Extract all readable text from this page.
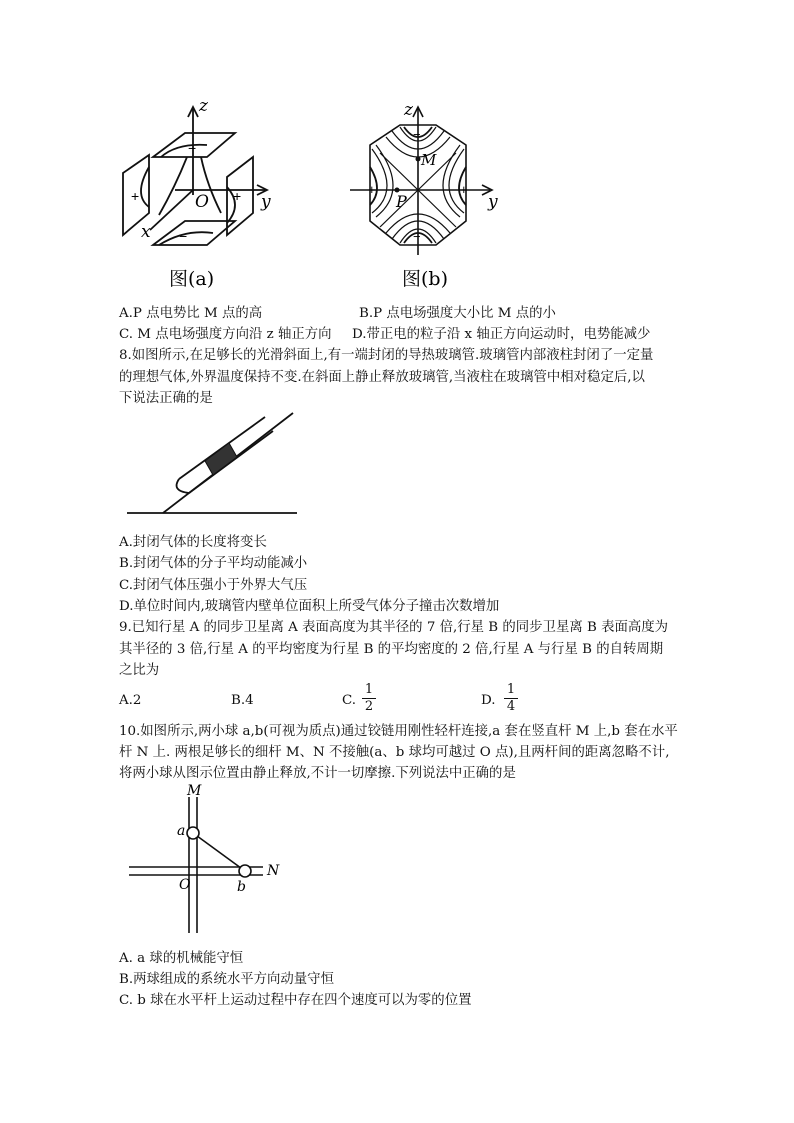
−
−
+	+
z
y
x
O
图(a)
−
−
+	+
M
P
z
y
图(b)
A.P 点电势比 M 点的高	B.P 点电场强度大小比 M 点的小
C. M 点电场强度方向沿 z 轴正方向 D.带正电的粒子沿 x 轴正方向运动时，电势能减少
8.如图所示,在足够长的光滑斜面上,有一端封闭的导热玻璃管.玻璃管内部液柱封闭了一定量
的理想气体,外界温度保持不变.在斜面上静止释放玻璃管,当液柱在玻璃管中相对稳定后,以
下说法正确的是
A.封闭气体的长度将变长
B.封闭气体的分子平均动能减小
C.封闭气体压强小于外界大气压
D.单位时间内,玻璃管内壁单位面积上所受气体分子撞击次数增加
9.已知行星 A 的同步卫星离 A 表面高度为其半径的 7 倍,行星 B 的同步卫星离 B 表面高度为
其半径的 3 倍,行星 A 的平均密度为行星 B 的平均密度的 2 倍,行星 A 与行星 B 的自转周期
之比为
A.2	B.4	C.
1
2	D.
1
4
10.如图所示,两小球 a,b(可视为质点)通过铰链用刚性轻杆连接,a 套在竖直杆 M 上,b 套在水平
杆 N 上. 两根足够长的细杆 M、N 不接触(a、b 球均可越过 O 点),且两杆间的距离忽略不计,
将两小球从图示位置由静止释放,不计一切摩擦.下列说法中正确的是
M
N
O
a
b
A. a 球的机械能守恒
B.两球组成的系统水平方向动量守恒
C. b 球在水平杆上运动过程中存在四个速度可以为零的位置
